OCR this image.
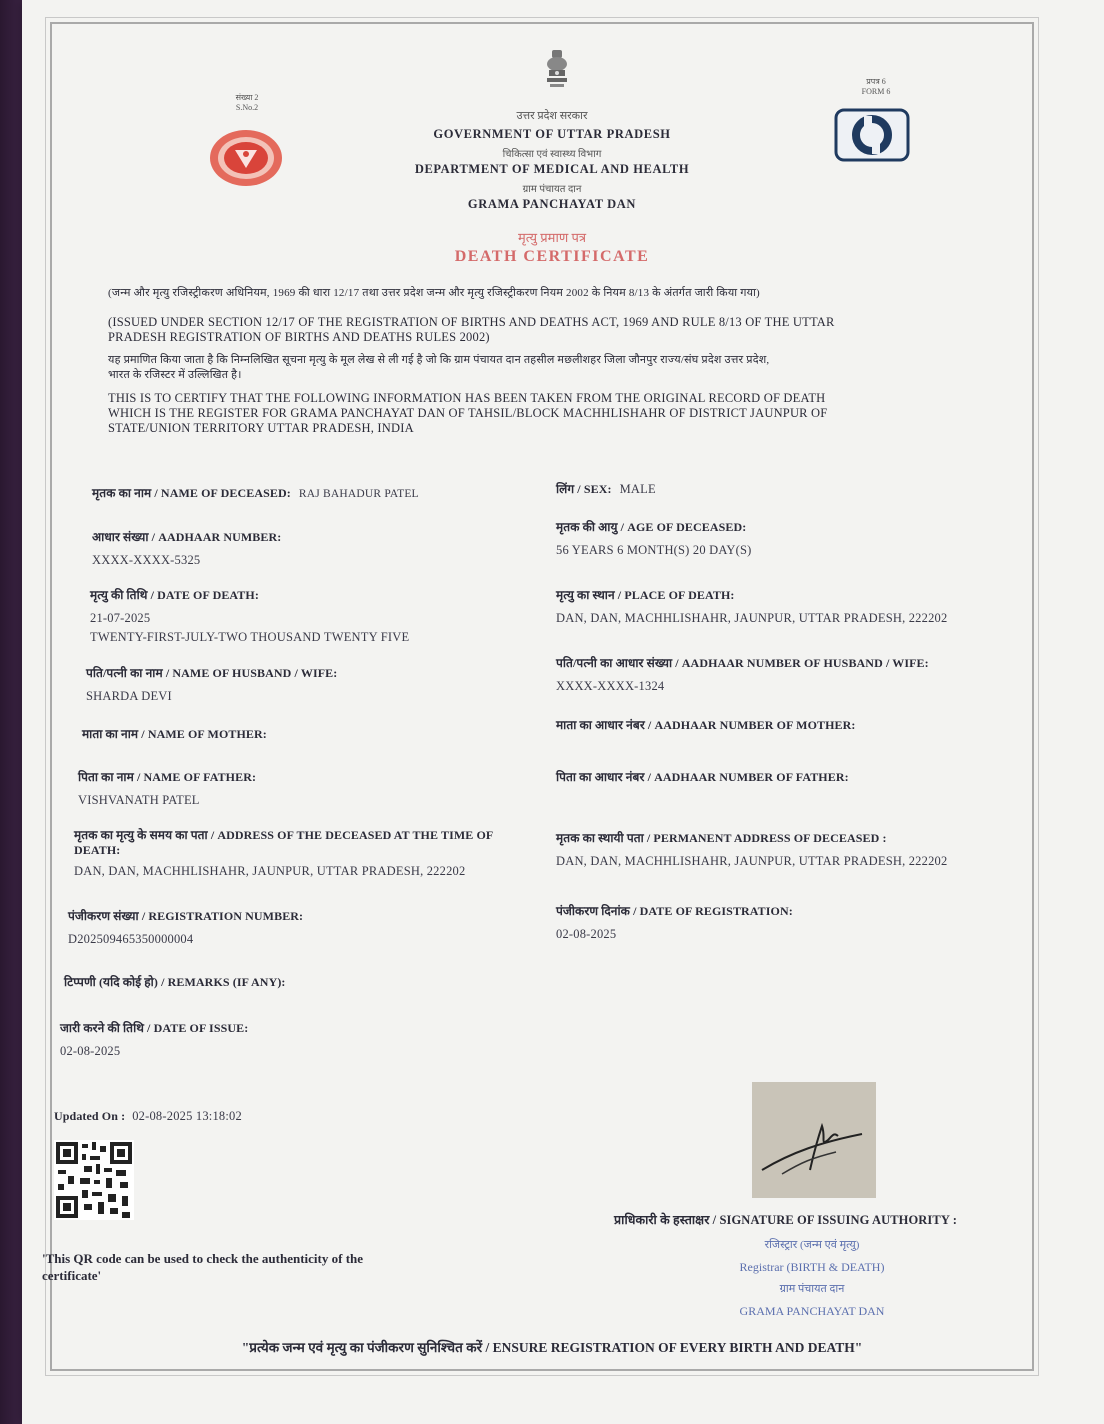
संख्या 2
S.No.2
प्रपत्र 6
FORM 6
उत्तर प्रदेश सरकार
GOVERNMENT OF UTTAR PRADESH
चिकित्सा एवं स्वास्थ्य विभाग
DEPARTMENT OF MEDICAL AND HEALTH
ग्राम पंचायत दान
GRAMA PANCHAYAT DAN
मृत्यु प्रमाण पत्र
DEATH CERTIFICATE
(जन्म और मृत्यु रजिस्ट्रीकरण अधिनियम, 1969 की धारा 12/17 तथा उत्तर प्रदेश जन्म और मृत्यु रजिस्ट्रीकरण नियम 2002 के नियम 8/13 के अंतर्गत जारी किया गया)
(ISSUED UNDER SECTION 12/17 OF THE REGISTRATION OF BIRTHS AND DEATHS ACT, 1969 AND RULE 8/13 OF THE UTTAR
PRADESH REGISTRATION OF BIRTHS AND DEATHS RULES 2002)
यह प्रमाणित किया जाता है कि निम्नलिखित सूचना मृत्यु के मूल लेख से ली गई है जो कि ग्राम पंचायत दान तहसील मछलीशहर जिला जौनपुर राज्य/संघ प्रदेश उत्तर प्रदेश,
भारत के रजिस्टर में उल्लिखित है।
THIS IS TO CERTIFY THAT THE FOLLOWING INFORMATION HAS BEEN TAKEN FROM THE ORIGINAL RECORD OF DEATH
WHICH IS THE REGISTER FOR GRAMA PANCHAYAT DAN OF TAHSIL/BLOCK MACHHLISHAHR OF DISTRICT JAUNPUR OF
STATE/UNION TERRITORY UTTAR PRADESH, INDIA
मृतक का नाम / NAME OF DECEASED: RAJ BAHADUR PATEL
आधार संख्या / AADHAAR NUMBER:
XXXX-XXXX-5325
मृत्यु की तिथि / DATE OF DEATH:
21-07-2025
TWENTY-FIRST-JULY-TWO THOUSAND TWENTY FIVE
पति/पत्नी का नाम / NAME OF HUSBAND / WIFE:
SHARDA DEVI
माता का नाम / NAME OF MOTHER:
पिता का नाम / NAME OF FATHER:
VISHVANATH PATEL
मृतक का मृत्यु के समय का पता / ADDRESS OF THE DECEASED AT THE TIME OF
DEATH:
DAN, DAN, MACHHLISHAHR, JAUNPUR, UTTAR PRADESH, 222202
पंजीकरण संख्या / REGISTRATION NUMBER:
D202509465350000004
टिप्पणी (यदि कोई हो) / REMARKS (IF ANY):
जारी करने की तिथि / DATE OF ISSUE:
02-08-2025
लिंग / SEX: MALE
मृतक की आयु / AGE OF DECEASED:
56 YEARS 6 MONTH(S) 20 DAY(S)
मृत्यु का स्थान / PLACE OF DEATH:
DAN, DAN, MACHHLISHAHR, JAUNPUR, UTTAR PRADESH, 222202
पति/पत्नी का आधार संख्या / AADHAAR NUMBER OF HUSBAND / WIFE:
XXXX-XXXX-1324
माता का आधार नंबर / AADHAAR NUMBER OF MOTHER:
पिता का आधार नंबर / AADHAAR NUMBER OF FATHER:
मृतक का स्थायी पता / PERMANENT ADDRESS OF DECEASED :
DAN, DAN, MACHHLISHAHR, JAUNPUR, UTTAR PRADESH, 222202
पंजीकरण दिनांक / DATE OF REGISTRATION:
02-08-2025
Updated On : 02-08-2025 13:18:02
'This QR code can be used to check the authenticity of the
certificate'
प्राधिकारी के हस्ताक्षर / SIGNATURE OF ISSUING AUTHORITY :
रजिस्ट्रार (जन्म एवं मृत्यु)
Registrar (BIRTH & DEATH)
ग्राम पंचायत दान
GRAMA PANCHAYAT DAN
"प्रत्येक जन्म एवं मृत्यु का पंजीकरण सुनिश्चित करें / ENSURE REGISTRATION OF EVERY BIRTH AND DEATH"
